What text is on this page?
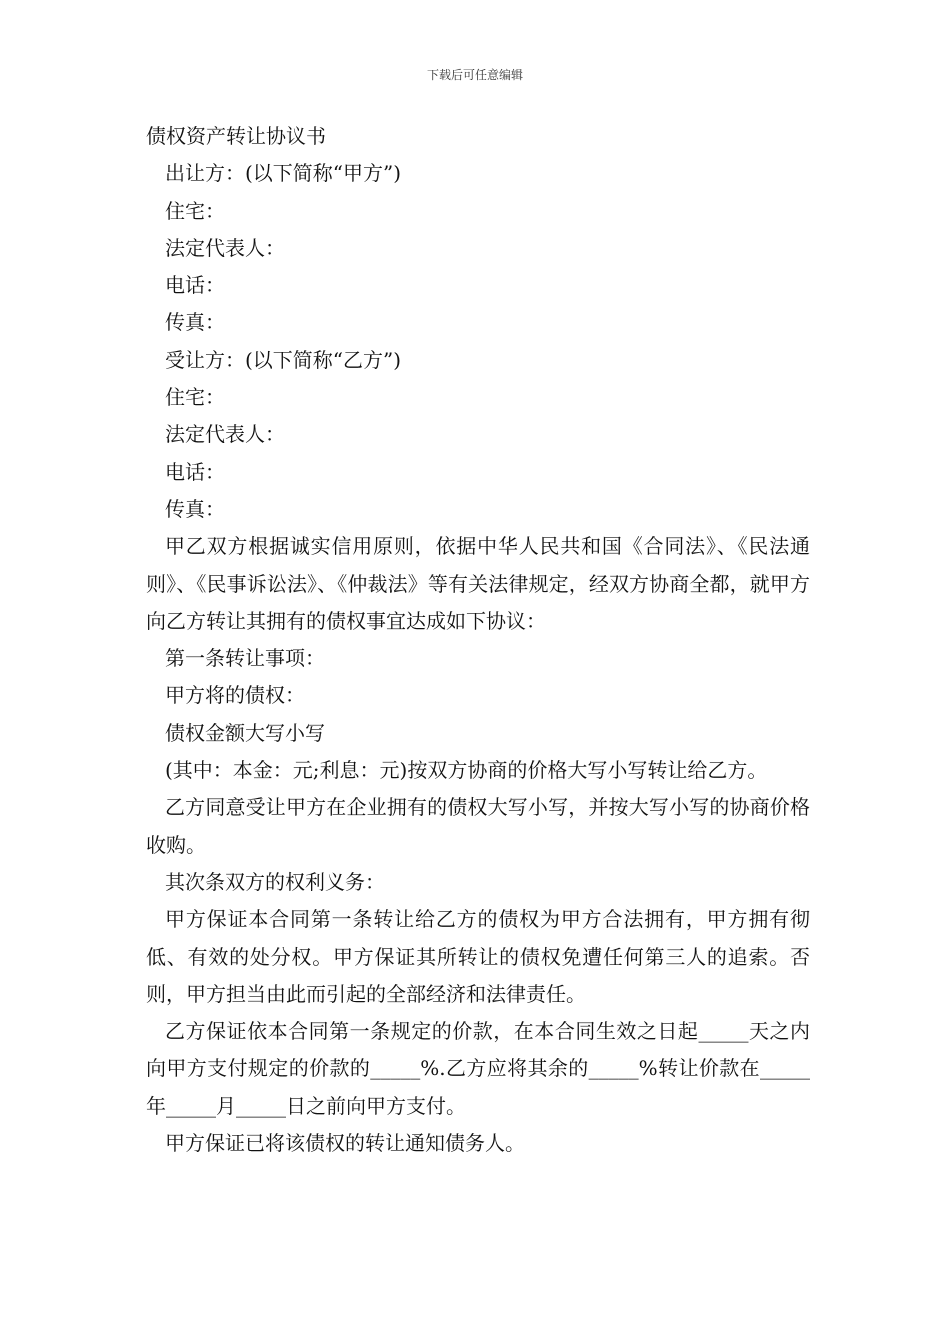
下载后可任意编辑

债权资产转让协议书

出让方：(以下简称“甲方”)

住宅：

法定代表人：

电话：

传真：

受让方：(以下简称“乙方”)

住宅：

法定代表人：

电话：

传真：

甲乙双方根据诚实信用原则，依据中华人民共和国《合同法》、《民法通则》、《民事诉讼法》、《仲裁法》等有关法律规定，经双方协商全都，就甲方向乙方转让其拥有的债权事宜达成如下协议：

第一条转让事项：

甲方将的债权：

债权金额大写小写

(其中：本金：元;利息：元)按双方协商的价格大写小写转让给乙方。

乙方同意受让甲方在企业拥有的债权大写小写，并按大写小写的协商价格收购。

其次条双方的权利义务：

甲方保证本合同第一条转让给乙方的债权为甲方合法拥有，甲方拥有彻低、有效的处分权。甲方保证其所转让的债权免遭任何第三人的追索。否则，甲方担当由此而引起的全部经济和法律责任。

乙方保证依本合同第一条规定的价款，在本合同生效之日起_____天之内向甲方支付规定的价款的_____%.乙方应将其余的_____%转让价款在_____年_____月_____日之前向甲方支付。

甲方保证已将该债权的转让通知债务人。
